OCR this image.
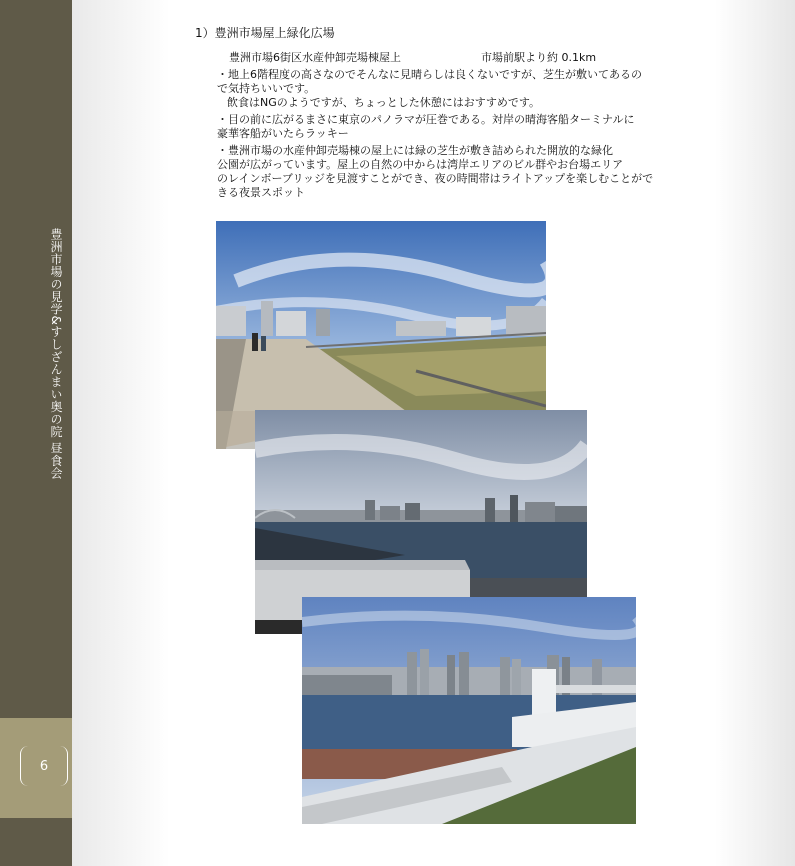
豊洲市場の見学&すしざんまい奥の院 昼食会
6
1）豊洲市場屋上緑化広場
豊洲市場6街区水産仲卸売場棟屋上	市場前駅より約 0.1km
・地上6階程度の高さなのでそんなに見晴らしは良くないですが、芝生が敷いてあるの
で気持ちいいです。
飲食はNGのようですが、ちょっとした休憩にはおすすめです。
・目の前に広がるまさに東京のパノラマが圧巻である。対岸の晴海客船ターミナルに
豪華客船がいたらラッキー
・豊洲市場の水産仲卸売場棟の屋上には緑の芝生が敷き詰められた開放的な緑化
公園が広がっています。屋上の自然の中からは湾岸エリアのビル群やお台場エリア
のレインボーブリッジを見渡すことができ、夜の時間帯はライトアップを楽しむことがで
きる夜景スポット
